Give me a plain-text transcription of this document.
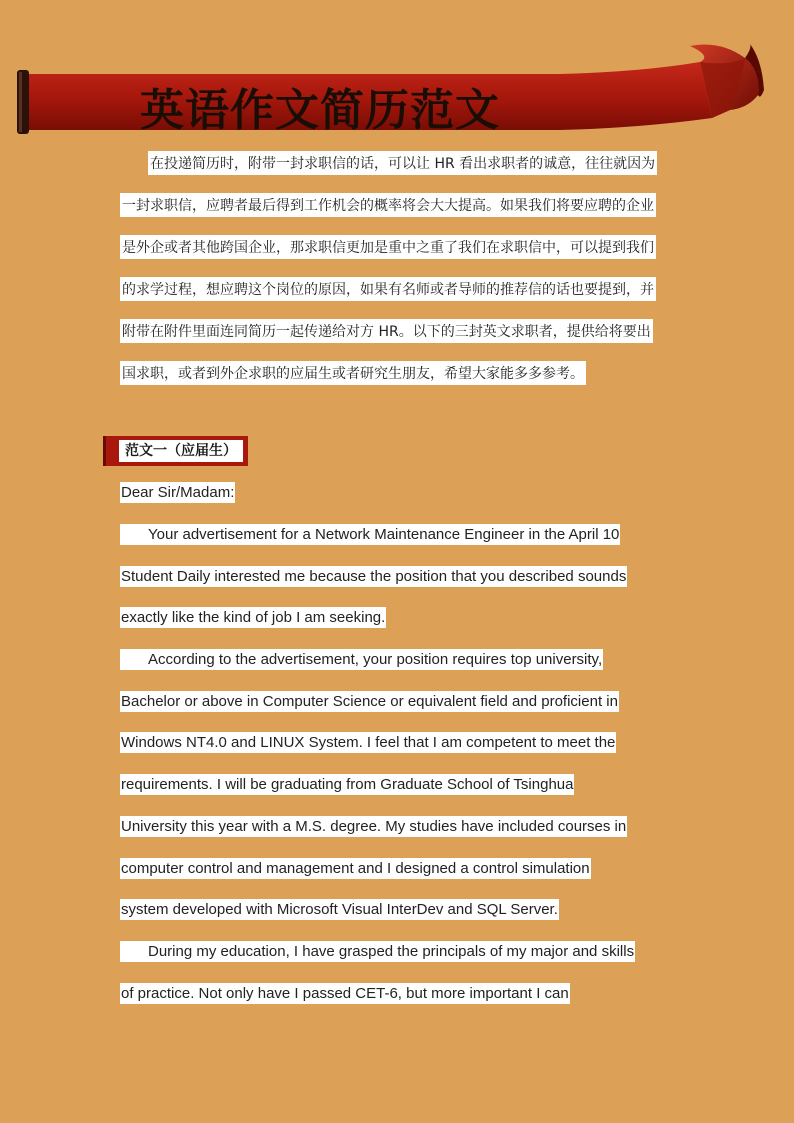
英语作文简历范文
在投递简历时，附带一封求职信的话，可以让 HR 看出求职者的诚意，往往就因为
一封求职信，应聘者最后得到工作机会的概率将会大大提高。如果我们将要应聘的企业
是外企或者其他跨国企业，那求职信更加是重中之重了我们在求职信中，可以提到我们
的求学过程，想应聘这个岗位的原因，如果有名师或者导师的推荐信的话也要提到，并
附带在附件里面连同简历一起传递给对方 HR。以下的三封英文求职者，提供给将要出
国求职，或者到外企求职的应届生或者研究生朋友，希望大家能多多参考。
范文一（应届生）
Dear Sir/Madam:
Your advertisement for a Network Maintenance Engineer in the April 10
Student Daily interested me because the position that you described sounds
exactly like the kind of job I am seeking.
According to the advertisement, your position requires top university,
Bachelor or above in Computer Science or equivalent field and proficient in
Windows NT4.0 and LINUX System. I feel that I am competent to meet the
requirements. I will be graduating from Graduate School of Tsinghua
University this year with a M.S. degree. My studies have included courses in
computer control and management and I designed a control simulation
system developed with Microsoft Visual InterDev and SQL Server.
During my education, I have grasped the principals of my major and skills
of practice. Not only have I passed CET-6, but more important I can
